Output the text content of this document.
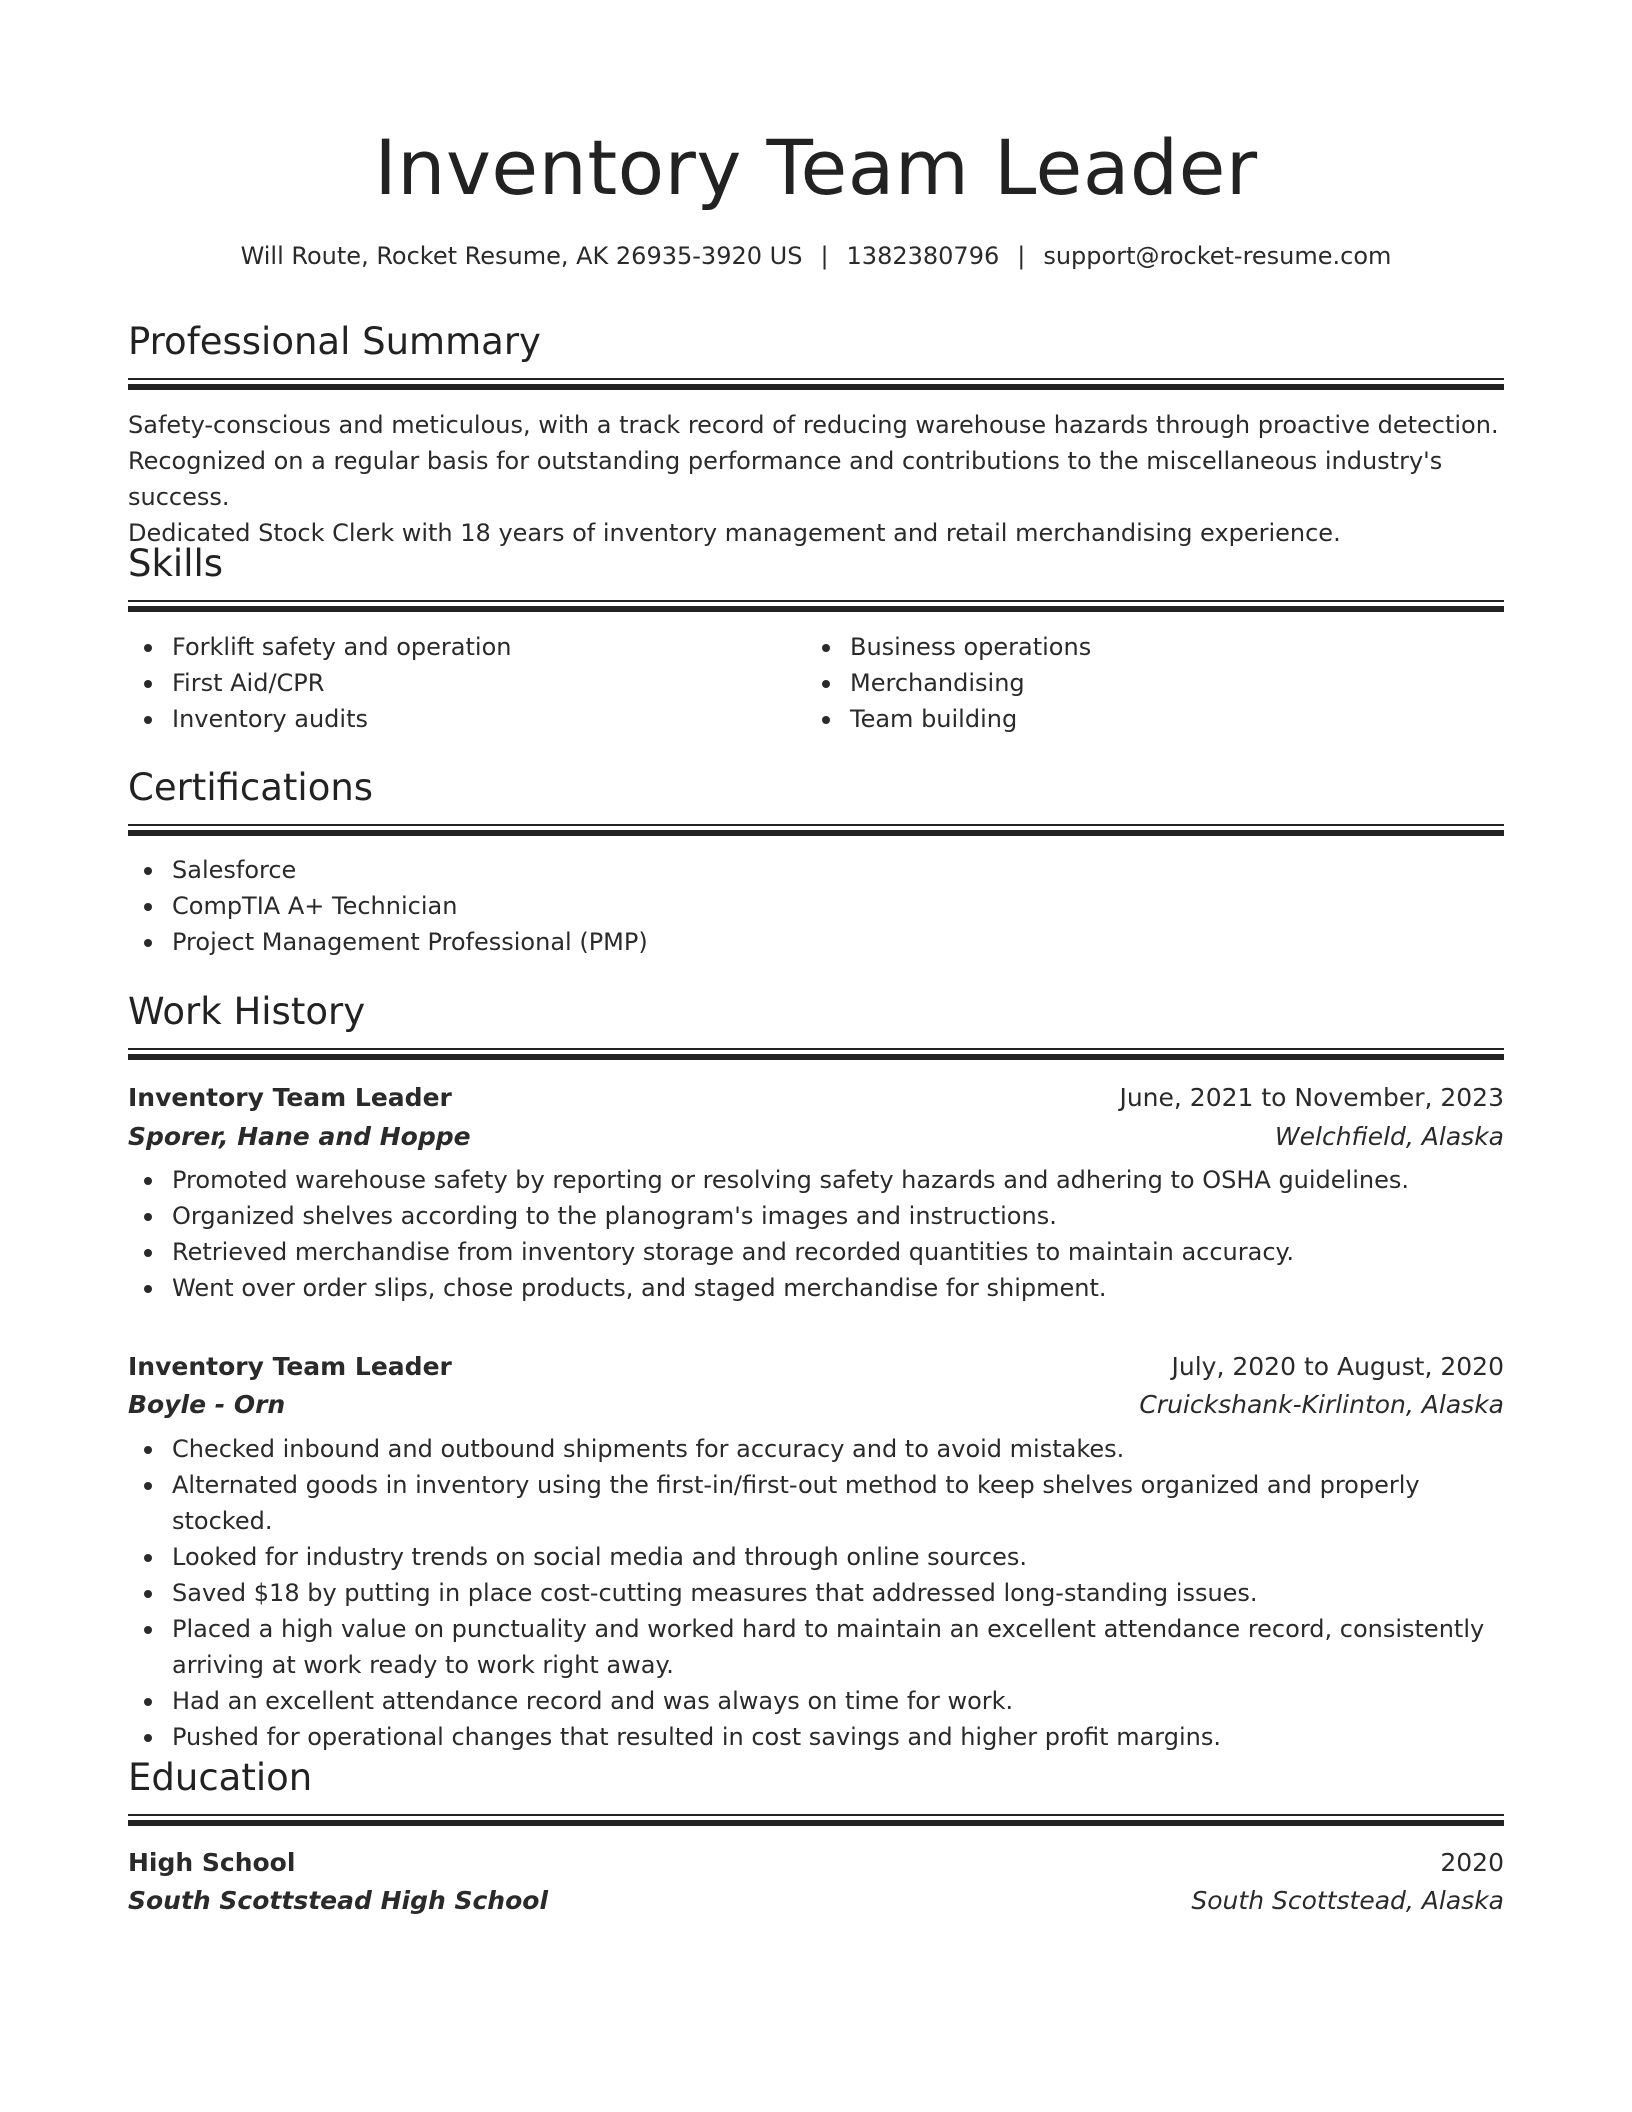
Inventory Team Leader
Will Route, Rocket Resume, AK 26935-3920 US | 1382380796 | support@rocket-resume.com
Professional Summary
Safety-conscious and meticulous, with a track record of reducing warehouse hazards through proactive detection.
Recognized on a regular basis for outstanding performance and contributions to the miscellaneous industry's success.
Dedicated Stock Clerk with 18 years of inventory management and retail merchandising experience.
Skills
Forklift safety and operation
First Aid/CPR
Inventory audits
Business operations
Merchandising
Team building
Certifications
Salesforce
CompTIA A+ Technician
Project Management Professional (PMP)
Work History
Inventory Team Leader	June, 2021 to November, 2023
Sporer, Hane and Hoppe	Welchfield, Alaska
Promoted warehouse safety by reporting or resolving safety hazards and adhering to OSHA guidelines.
Organized shelves according to the planogram's images and instructions.
Retrieved merchandise from inventory storage and recorded quantities to maintain accuracy.
Went over order slips, chose products, and staged merchandise for shipment.
Inventory Team Leader	July, 2020 to August, 2020
Boyle - Orn	Cruickshank-Kirlinton, Alaska
Checked inbound and outbound shipments for accuracy and to avoid mistakes.
Alternated goods in inventory using the first-in/first-out method to keep shelves organized and properly stocked.
Looked for industry trends on social media and through online sources.
Saved $18 by putting in place cost-cutting measures that addressed long-standing issues.
Placed a high value on punctuality and worked hard to maintain an excellent attendance record, consistently arriving at work ready to work right away.
Had an excellent attendance record and was always on time for work.
Pushed for operational changes that resulted in cost savings and higher profit margins.
Education
High School	2020
South Scottstead High School	South Scottstead, Alaska
